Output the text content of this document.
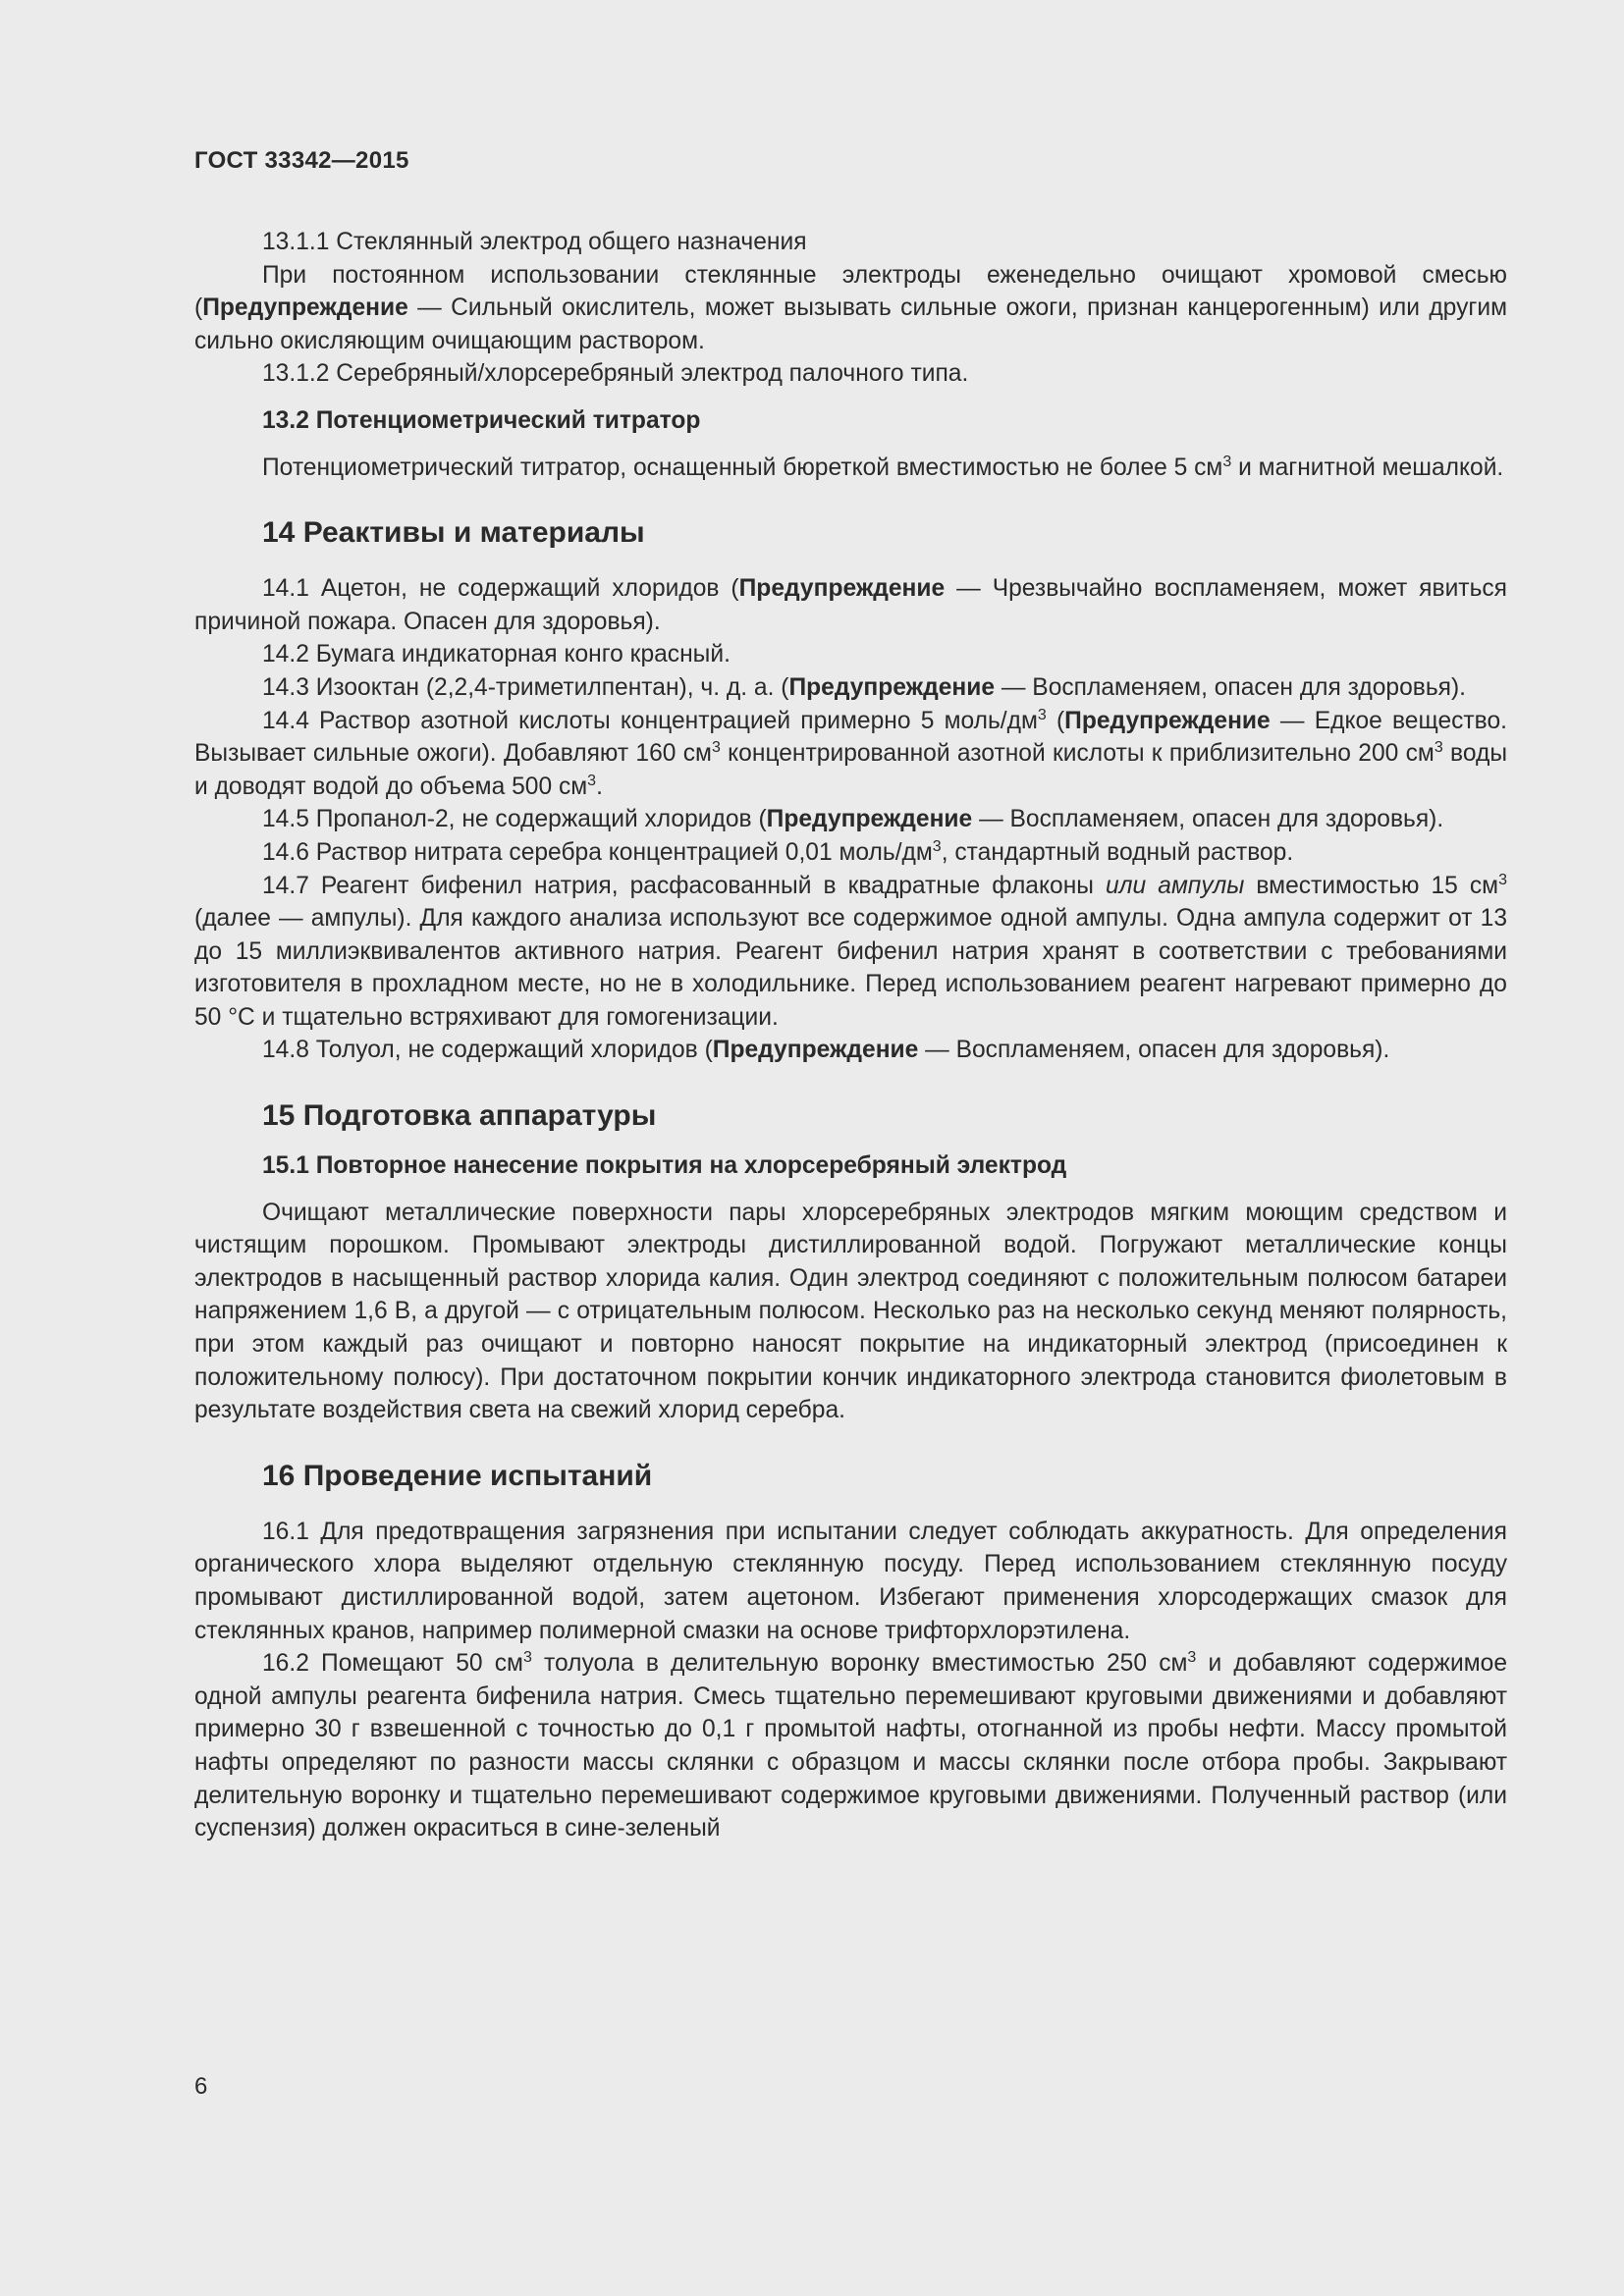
ГОСТ 33342—2015

13.1.1 Стеклянный электрод общего назначения

При постоянном использовании стеклянные электроды еженедельно очищают хромовой смесью (Предупреждение — Сильный окислитель, может вызывать сильные ожоги, признан канцерогенным) или другим сильно окисляющим очищающим раствором.

13.1.2 Серебряный/хлорсеребряный электрод палочного типа.

13.2 Потенциометрический титратор

Потенциометрический титратор, оснащенный бюреткой вместимостью не более 5 $см^3$ и магнитной мешалкой.

14 Реактивы и материалы

14.1 Ацетон, не содержащий хлоридов (Предупреждение — Чрезвычайно воспламеняем, может явиться причиной пожара. Опасен для здоровья).

14.2 Бумага индикаторная конго красный.

14.3 Изооктан (2,2,4-триметилпентан), ч. д. а. (Предупреждение — Воспламеняем, опасен для здоровья).

14.4 Раствор азотной кислоты концентрацией примерно 5 моль/$дм^3$ (Предупреждение — Едкое вещество. Вызывает сильные ожоги). Добавляют 160 $см^3$ концентрированной азотной кислоты к приблизительно 200 $см^3$ воды и доводят водой до объема 500 $см^3$.

14.5 Пропанол-2, не содержащий хлоридов (Предупреждение — Воспламеняем, опасен для здоровья).

14.6 Раствор нитрата серебра концентрацией 0,01 моль/$дм^3$, стандартный водный раствор.

14.7 Реагент бифенил натрия, расфасованный в квадратные флаконы или ампулы вместимостью 15 $см^3$ (далее — ампулы). Для каждого анализа используют все содержимое одной ампулы. Одна ампула содержит от 13 до 15 миллиэквивалентов активного натрия. Реагент бифенил натрия хранят в соответствии с требованиями изготовителя в прохладном месте, но не в холодильнике. Перед использованием реагент нагревают примерно до 50 °С и тщательно встряхивают для гомогенизации.

14.8 Толуол, не содержащий хлоридов (Предупреждение — Воспламеняем, опасен для здоровья).

15 Подготовка аппаратуры

15.1 Повторное нанесение покрытия на хлорсеребряный электрод

Очищают металлические поверхности пары хлорсеребряных электродов мягким моющим средством и чистящим порошком. Промывают электроды дистиллированной водой. Погружают металлические концы электродов в насыщенный раствор хлорида калия. Один электрод соединяют с положительным полюсом батареи напряжением 1,6 В, а другой — с отрицательным полюсом. Несколько раз на несколько секунд меняют полярность, при этом каждый раз очищают и повторно наносят покрытие на индикаторный электрод (присоединен к положительному полюсу). При достаточном покрытии кончик индикаторного электрода становится фиолетовым в результате воздействия света на свежий хлорид серебра.

16 Проведение испытаний

16.1 Для предотвращения загрязнения при испытании следует соблюдать аккуратность. Для определения органического хлора выделяют отдельную стеклянную посуду. Перед использованием стеклянную посуду промывают дистиллированной водой, затем ацетоном. Избегают применения хлорсодержащих смазок для стеклянных кранов, например полимерной смазки на основе трифторхлорэтилена.

16.2 Помещают 50 $см^3$ толуола в делительную воронку вместимостью 250 $см^3$ и добавляют содержимое одной ампулы реагента бифенила натрия. Смесь тщательно перемешивают круговыми движениями и добавляют примерно 30 г взвешенной с точностью до 0,1 г промытой нафты, отогнанной из пробы нефти. Массу промытой нафты определяют по разности массы склянки с образцом и массы склянки после отбора пробы. Закрывают делительную воронку и тщательно перемешивают содержимое круговыми движениями. Полученный раствор (или суспензия) должен окраситься в сине-зеленый

6
